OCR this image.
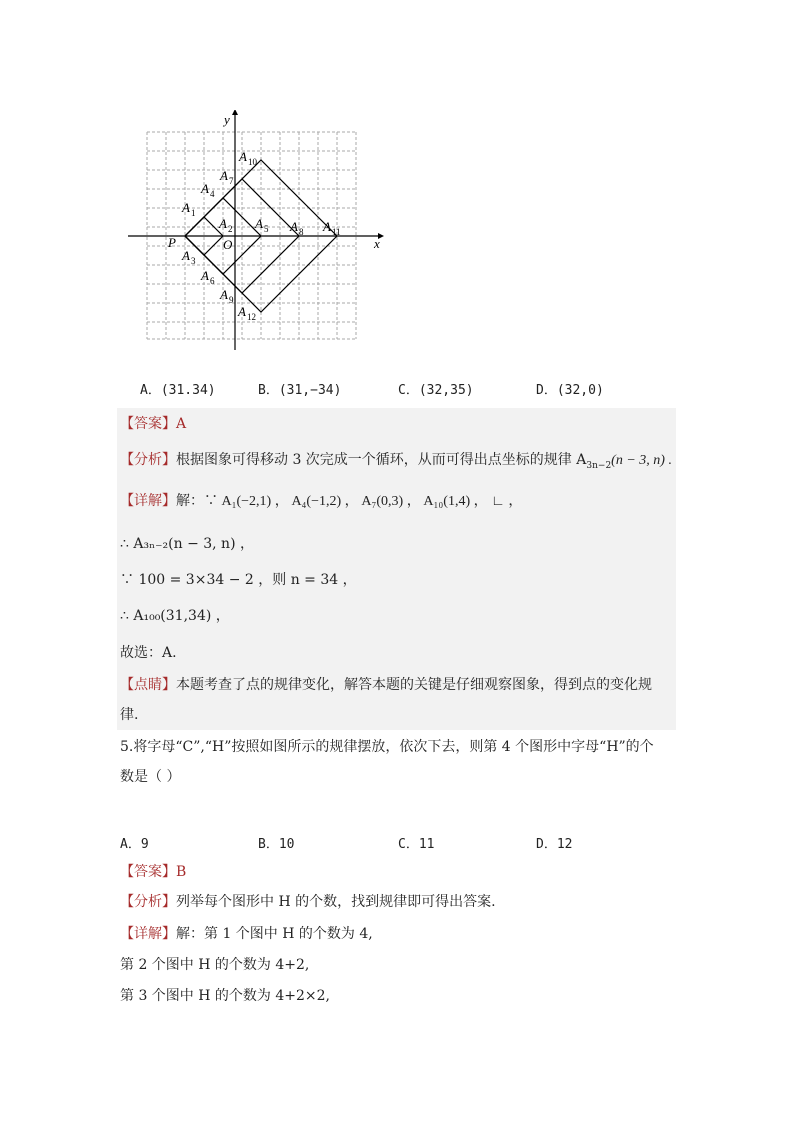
y
x
P	O
A 1
A 2
A 3
A 4
A 5
A 6
A 7
A 8
A 9
A 10
A 11
A 12
A．(31.34)	B．(31,−34)	C．(32,35)	D．(32,0)
【答案】A
【分析】根据图象可得移动 3 次完成一个循环，从而可得出点坐标的规律 $A_{3n-2}(n - 3$, n) .
【详解】解：∵ A₁(−2,1) ， A₄(−1,2) ， A₇(0,3) ， A₁₀(1,4) ， ∟ ，
∴ A₃ₙ₋₂(n − 3, n) ，
∵ 100 = 3×34 − 2 ，则 n = 34 ，
∴ A₁₀₀(31,34) ，
故选：A.
【点睛】本题考查了点的规律变化，解答本题的关键是仔细观察图象，得到点的变化规
律.
5.将字母“C”,“H”按照如图所示的规律摆放，依次下去，则第 4 个图形中字母“H”的个
数是（ ）
A．9	B．10	C．11	D．12
【答案】B
【分析】列举每个图形中 H 的个数，找到规律即可得出答案.
【详解】解：第 1 个图中 H 的个数为 4,
第 2 个图中 H 的个数为 4+2,
第 3 个图中 H 的个数为 4+2×2,
